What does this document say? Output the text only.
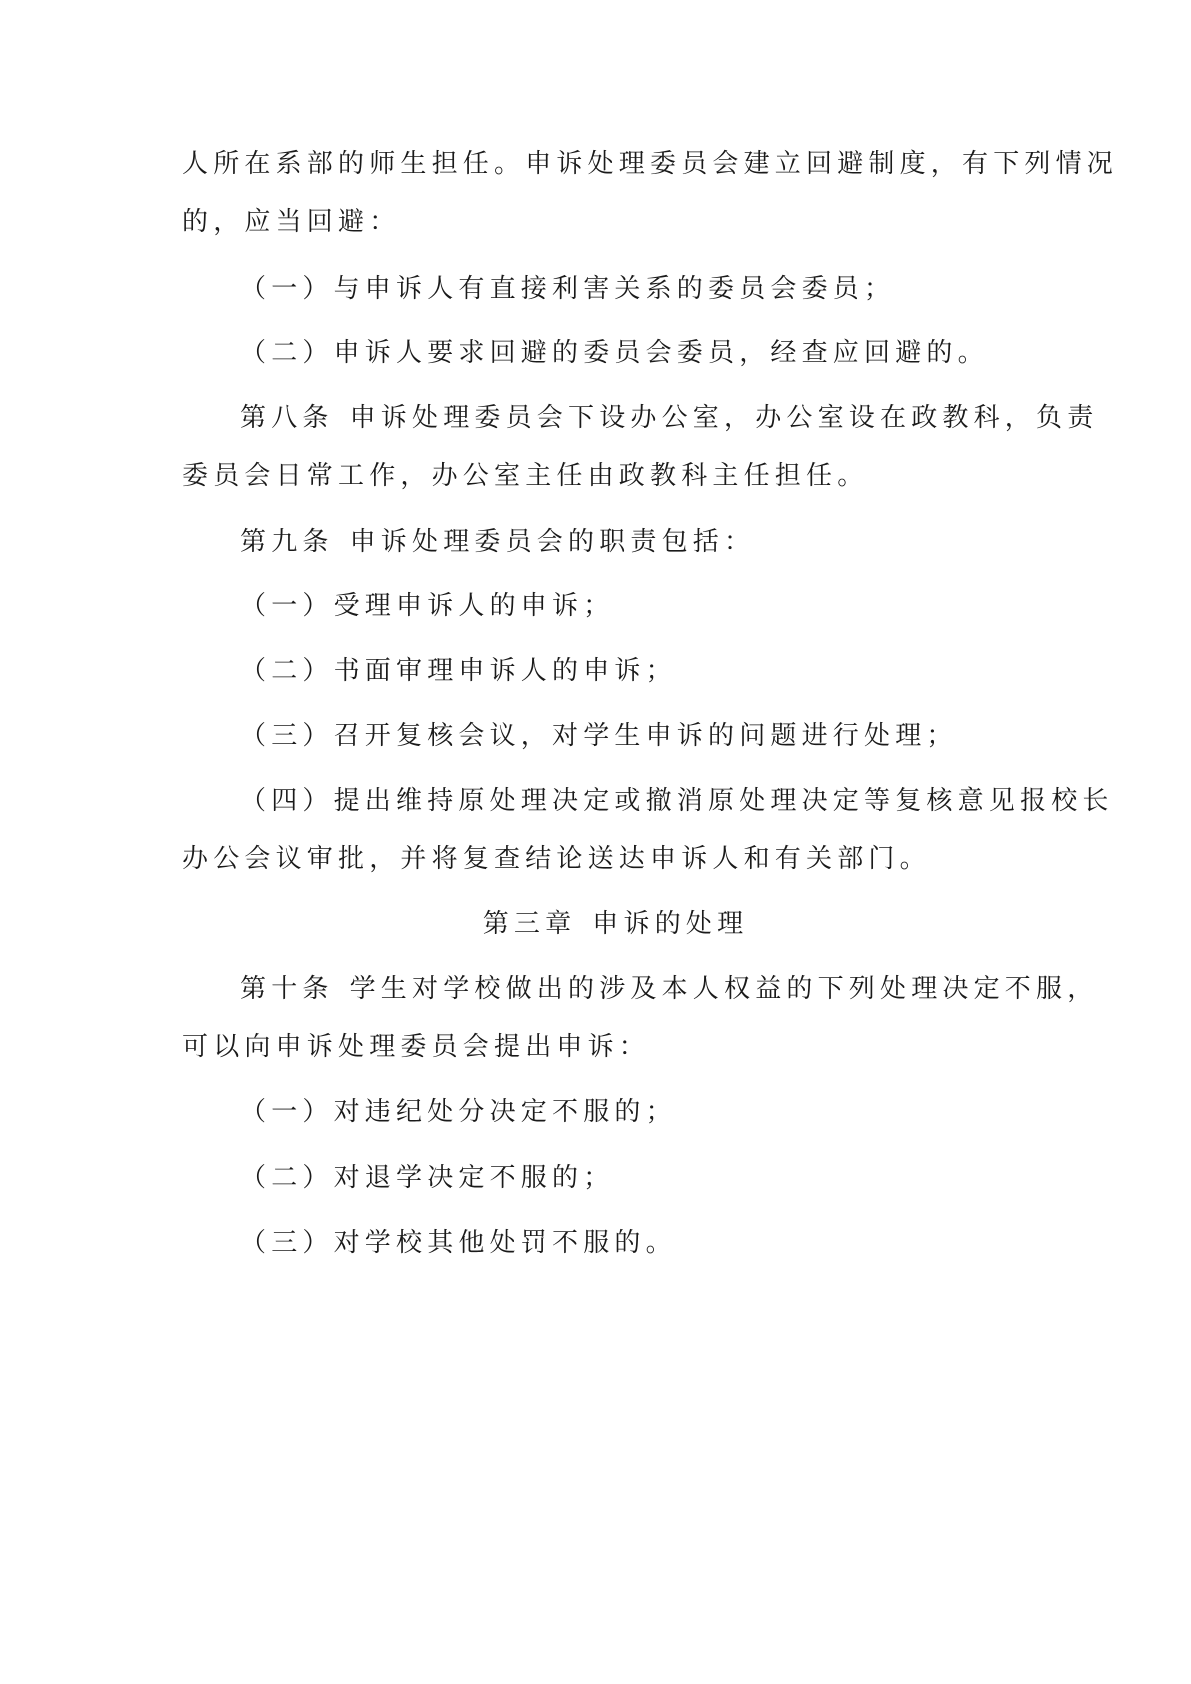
人所在系部的师生担任。申诉处理委员会建立回避制度，有下列情况
的，应当回避：
（一）与申诉人有直接利害关系的委员会委员；
（二）申诉人要求回避的委员会委员，经查应回避的。
第八条 申诉处理委员会下设办公室，办公室设在政教科，负责
委员会日常工作，办公室主任由政教科主任担任。
第九条 申诉处理委员会的职责包括：
（一）受理申诉人的申诉；
（二）书面审理申诉人的申诉；
（三）召开复核会议，对学生申诉的问题进行处理；
（四）提出维持原处理决定或撤消原处理决定等复核意见报校长
办公会议审批，并将复查结论送达申诉人和有关部门。
第三章 申诉的处理
第十条 学生对学校做出的涉及本人权益的下列处理决定不服，
可以向申诉处理委员会提出申诉：
（一）对违纪处分决定不服的；
（二）对退学决定不服的；
（三）对学校其他处罚不服的。
